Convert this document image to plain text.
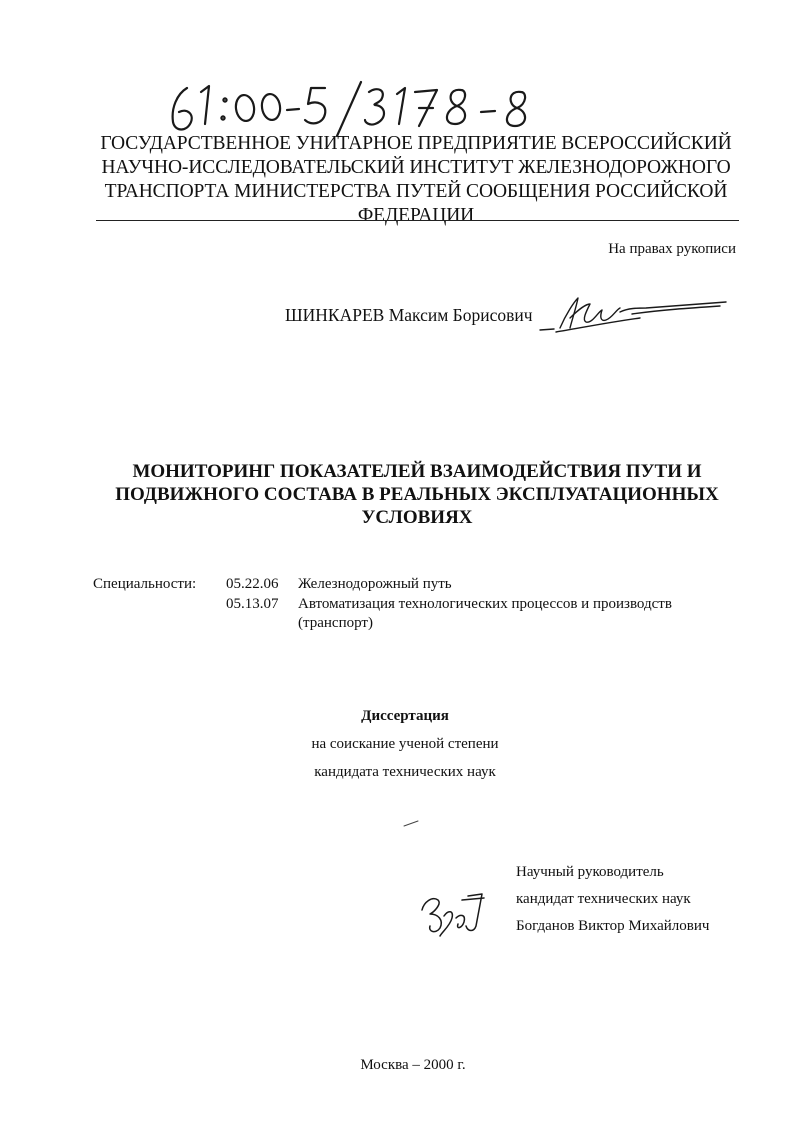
ГОСУДАРСТВЕННОЕ УНИТАРНОЕ ПРЕДПРИЯТИЕ ВСЕРОССИЙСКИЙ
НАУЧНО-ИССЛЕДОВАТЕЛЬСКИЙ ИНСТИТУТ ЖЕЛЕЗНОДОРОЖНОГО
ТРАНСПОРТА МИНИСТЕРСТВА ПУТЕЙ СООБЩЕНИЯ РОССИЙСКОЙ
ФЕДЕРАЦИИ
На правах рукописи
ШИНКАРЕВ Максим Борисович
МОНИТОРИНГ ПОКАЗАТЕЛЕЙ ВЗАИМОДЕЙСТВИЯ ПУТИ И
ПОДВИЖНОГО СОСТАВА В РЕАЛЬНЫХ ЭКСПЛУАТАЦИОННЫХ
УСЛОВИЯХ
Специальности: 05.22.06 Железнодорожный путь
05.13.07 Автоматизация технологических процессов и производств (транспорт)
Диссертация
на соискание ученой степени
кандидата технических наук
Научный руководитель
кандидат технических наук
Богданов Виктор Михайлович
Москва – 2000 г.
